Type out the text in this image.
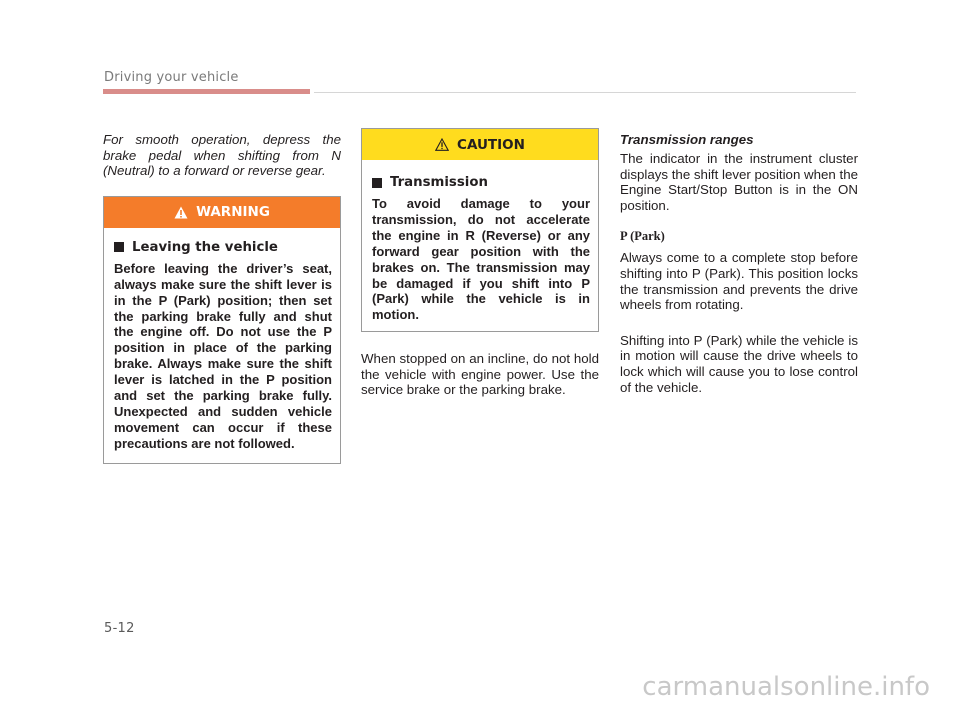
Driving your vehicle

For smooth operation, depress the brake pedal when shifting from N (Neutral) to a forward or reverse gear.

WARNING
Leaving the vehicle

Before leaving the driver’s seat, always make sure the shift lever is in the P (Park) position; then set the parking brake fully and shut the engine off. Do not use the P position in place of the parking brake. Always make sure the shift lever is latched in the P position and set the parking brake fully. Unexpected and sudden vehicle movement can occur if these precautions are not followed.

CAUTION
Transmission

To avoid damage to your transmission, do not accelerate the engine in R (Reverse) or any forward gear position with the brakes on. The transmission may be damaged if you shift into P (Park) while the vehicle is in motion.

When stopped on an incline, do not hold the vehicle with engine power. Use the service brake or the parking brake.

Transmission ranges

The indicator in the instrument cluster displays the shift lever position when the Engine Start/Stop Button is in the ON position.

P (Park)

Always come to a complete stop before shifting into P (Park). This position locks the transmission and prevents the drive wheels from rotating.

Shifting into P (Park) while the vehicle is in motion will cause the drive wheels to lock which will cause you to lose control of the vehicle.

5-12
carmanualsonline.info
